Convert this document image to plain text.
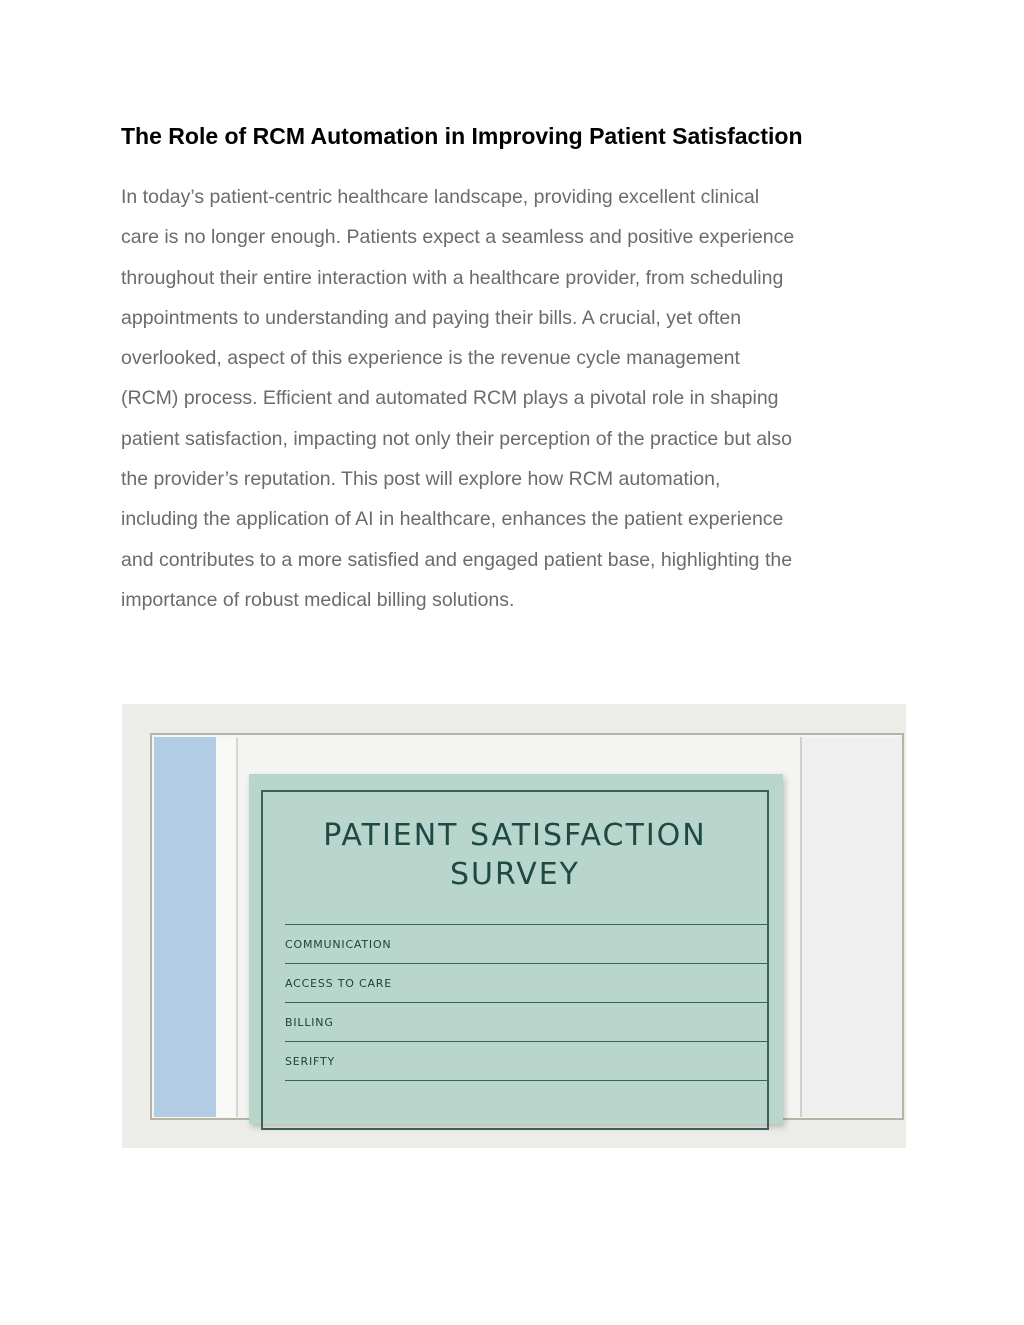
The Role of RCM Automation in Improving Patient Satisfaction

In today’s patient-centric healthcare landscape, providing excellent clinical
care is no longer enough. Patients expect a seamless and positive experience
throughout their entire interaction with a healthcare provider, from scheduling
appointments to understanding and paying their bills. A crucial, yet often
overlooked, aspect of this experience is the revenue cycle management
(RCM) process. Efficient and automated RCM plays a pivotal role in shaping
patient satisfaction, impacting not only their perception of the practice but also
the provider’s reputation. This post will explore how RCM automation,
including the application of AI in healthcare, enhances the patient experience
and contributes to a more satisfied and engaged patient base, highlighting the
importance of robust medical billing solutions.

PATIENT SATISFACTION
SURVEY
COMMUNICATION
ACCESS TO CARE
BILLING
SERIFTY
